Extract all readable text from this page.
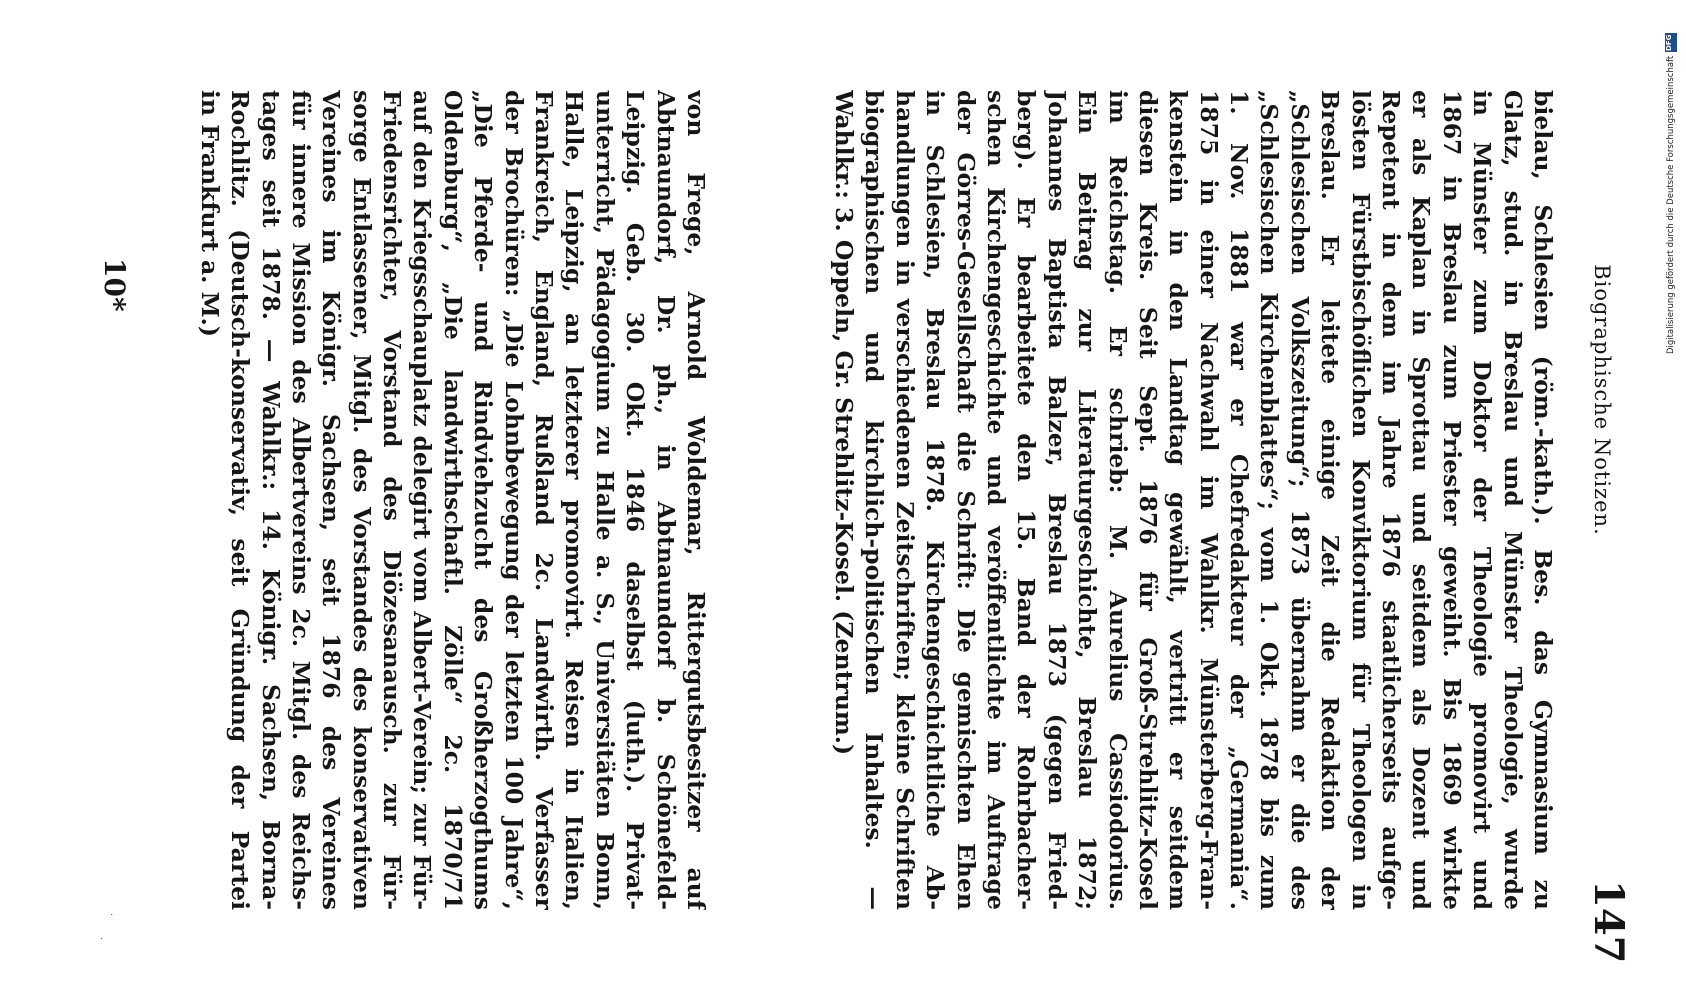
Biographische Notizen.
147
bielau, Schlesien (röm.-kath.). Bes. das Gymnasium zu
Glatz, stud. in Breslau und Münster Theologie, wurde
in Münster zum Doktor der Theologie promovirt und
1867 in Breslau zum Priester geweiht. Bis 1869 wirkte
er als Kaplan in Sprottau und seitdem als Dozent und
Repetent in dem im Jahre 1876 staatlicherseits aufge-
lösten Fürstbischöflichen Konviktorium für Theologen in
Breslau. Er leitete einige Zeit die Redaktion der
„Schlesischen Volkszeitung“; 1873 übernahm er die des
„Schlesischen Kirchenblattes“; vom 1. Okt. 1878 bis zum
1. Nov. 1881 war er Chefredakteur der „Germania“.
1875 in einer Nachwahl im Wahlkr. Münsterberg-Fran-
kenstein in den Landtag gewählt, vertritt er seitdem
diesen Kreis. Seit Sept. 1876 für Groß-Strehlitz-Kosel
im Reichstag. Er schrieb: M. Aurelius Cassiodorius.
Ein Beitrag zur Literaturgeschichte, Breslau 1872;
Johannes Baptista Balzer, Breslau 1873 (gegen Fried-
berg). Er bearbeitete den 15. Band der Rohrbacher-
schen Kirchengeschichte und veröffentlichte im Auftrage
der Görres-Gesellschaft die Schrift: Die gemischten Ehen
in Schlesien, Breslau 1878. Kirchengeschichtliche Ab-
handlungen in verschiedenen Zeitschriften; kleine Schriften
biographischen und kirchlich-politischen Inhaltes. —
Wahlkr.: 3. Oppeln, Gr. Strehlitz-Kosel. (Zentrum.)
von Frege, Arnold Woldemar, Rittergutsbesitzer auf
Abtnaundorf, Dr. ph., in Abtnaundorf b. Schönefeld-
Leipzig. Geb. 30. Okt. 1846 daselbst (luth.). Privat-
unterricht, Pädagogium zu Halle a. S., Universitäten Bonn,
Halle, Leipzig, an letzterer promovirt. Reisen in Italien,
Frankreich, England, Rußland 2c. Landwirth. Verfasser
der Brochüren: „Die Lohnbewegung der letzten 100 Jahre“,
„Die Pferde- und Rindviehzucht des Großherzogthums
Oldenburg“, „Die landwirthschaftl. Zölle“ 2c. 1870/71
auf den Kriegsschauplatz delegirt vom Albert-Verein; zur Für-
Friedensrichter, Vorstand des Diözesanausch. zur Für-
sorge Entlassener, Mitgl. des Vorstandes des konservativen
Vereines im Königr. Sachsen, seit 1876 des Vereines
für innere Mission des Albertvereins 2c. Mitgl. des Reichs-
tages seit 1878. — Wahlkr.: 14. Königr. Sachsen, Borna-
Rochlitz. (Deutsch-konservativ, seit Gründung der Partei
in Frankfurt a. M.)
10*
·
·
Digitalisierung gefördert durch die Deutsche Forschungsgemeinschaft
DFG
